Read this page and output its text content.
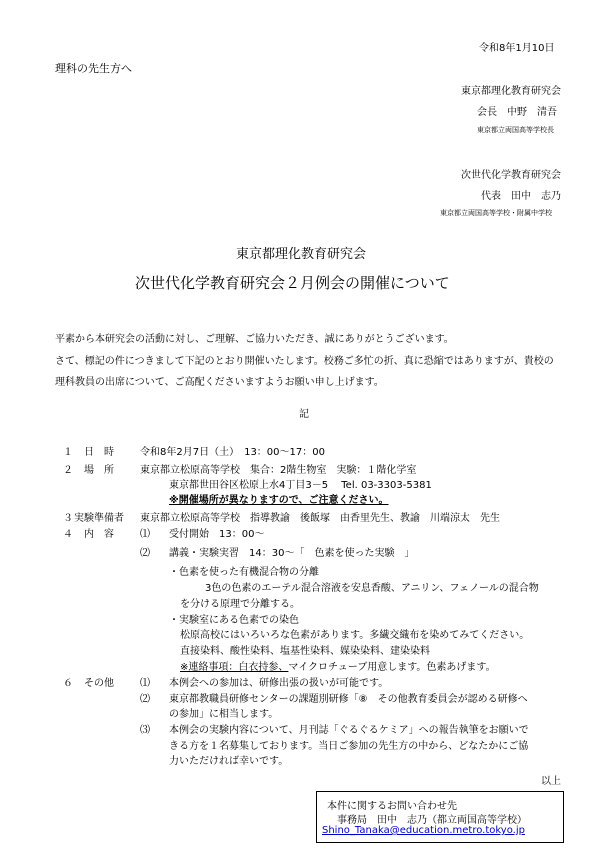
令和8年1月10日
理科の先生方へ
東京都理化教育研究会
会長　中野　清吾
東京都立両国高等学校長
次世代化学教育研究会
代表　田中　志乃
東京都立両国高等学校・附属中学校
東京都理化教育研究会
次世代化学教育研究会２月例会の開催について
平素から本研究会の活動に対し、ご理解、ご協力いただき、誠にありがとうございます。
さて、標記の件につきまして下記のとおり開催いたします。校務ご多忙の折、真に恐縮ではありますが、貴校の
理科教員の出席について、ご高配くださいますようお願い申し上げます。
記
１ 日　時	令和8年2月7日（土）　13：00～17：00
２ 場　所	東京都立松原高等学校　集合：2階生物室　実験：１階化学室
東京都世田谷区松原上水4丁目3－5　 Tel. 03-3303-5381
※開催場所が異なりますので、ご注意ください。
３ 実験準備者 東京都立松原高等学校　指導教諭　後飯塚　由香里先生、教諭　川端涼太　先生
４ 内　容	⑴ 受付開始　13：00～
⑵ 講義・実験実習　14：30～「　色素を使った実験　」
・色素を使った有機混合物の分離
3色の色素のエーテル混合溶液を安息香酸、アニリン、フェノールの混合物
を分ける原理で分離する。
・実験室にある色素での染色
松原高校にはいろいろな色素があります。多繊交織布を染めてみてください。
直接染料、酸性染料、塩基性染料、媒染染料、建染染料
※連絡事項：白衣持参、マイクロチューブ用意します。色素あげます。
６ その他	⑴ 本例会への参加は、研修出張の扱いが可能です。
⑵ 東京都教職員研修センターの課題別研修「⑧　その他教育委員会が認める研修へ
の参加」に相当します。
⑶ 本例会の実験内容について、月刊誌「ぐるぐるケミア」への報告執筆をお願いで
きる方を１名募集しております。当日ご参加の先生方の中から、どなたかにご協
力いただければ幸いです。
以上
本件に関するお問い合わせ先
事務局　田中　志乃（都立両国高等学校）
Shino_Tanaka@education.metro.tokyo.jp
